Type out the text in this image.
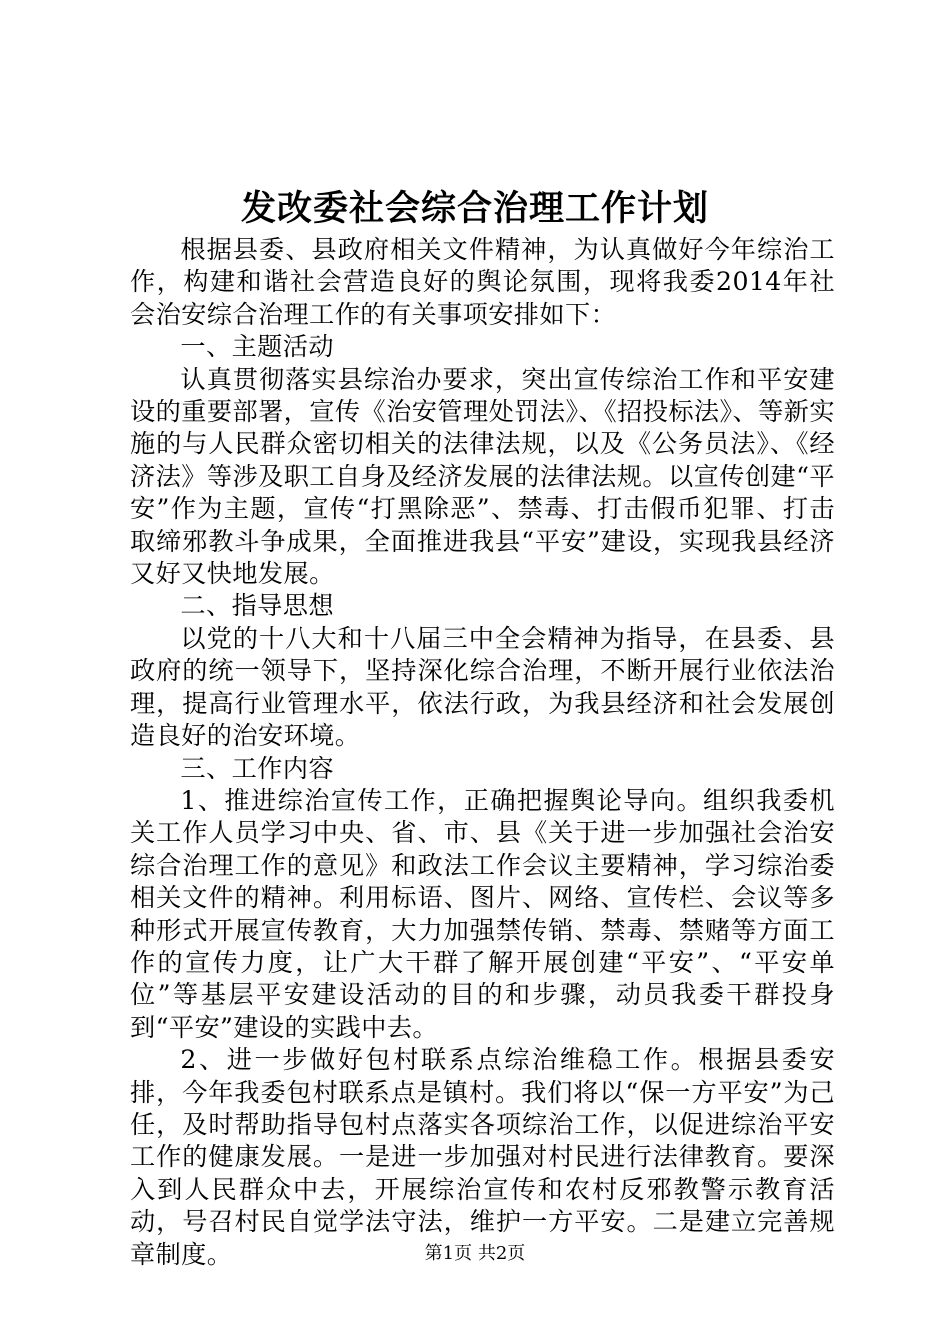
发改委社会综合治理工作计划

根据县委、县政府相关文件精神，为认真做好今年综治工作，构建和谐社会营造良好的舆论氛围，现将我委2014年社会治安综合治理工作的有关事项安排如下：

一、主题活动

认真贯彻落实县综治办要求，突出宣传综治工作和平安建设的重要部署，宣传《治安管理处罚法》、《招投标法》、等新实施的与人民群众密切相关的法律法规，以及《公务员法》、《经济法》等涉及职工自身及经济发展的法律法规。以宣传创建“平安”作为主题，宣传“打黑除恶”、禁毒、打击假币犯罪、打击取缔邪教斗争成果，全面推进我县“平安”建设，实现我县经济又好又快地发展。

二、指导思想

以党的十八大和十八届三中全会精神为指导，在县委、县政府的统一领导下，坚持深化综合治理，不断开展行业依法治理，提高行业管理水平，依法行政，为我县经济和社会发展创造良好的治安环境。

三、工作内容

1、推进综治宣传工作，正确把握舆论导向。组织我委机关工作人员学习中央、省、市、县《关于进一步加强社会治安综合治理工作的意见》和政法工作会议主要精神，学习综治委相关文件的精神。利用标语、图片、网络、宣传栏、会议等多种形式开展宣传教育，大力加强禁传销、禁毒、禁赌等方面工作的宣传力度，让广大干群了解开展创建“平安”、“平安单位”等基层平安建设活动的目的和步骤，动员我委干群投身到“平安”建设的实践中去。

2、进一步做好包村联系点综治维稳工作。根据县委安排，今年我委包村联系点是镇村。我们将以“保一方平安”为己任，及时帮助指导包村点落实各项综治工作，以促进综治平安工作的健康发展。一是进一步加强对村民进行法律教育。要深入到人民群众中去，开展综治宣传和农村反邪教警示教育活动，号召村民自觉学法守法，维护一方平安。二是建立完善规章制度。	第1页 共2页
